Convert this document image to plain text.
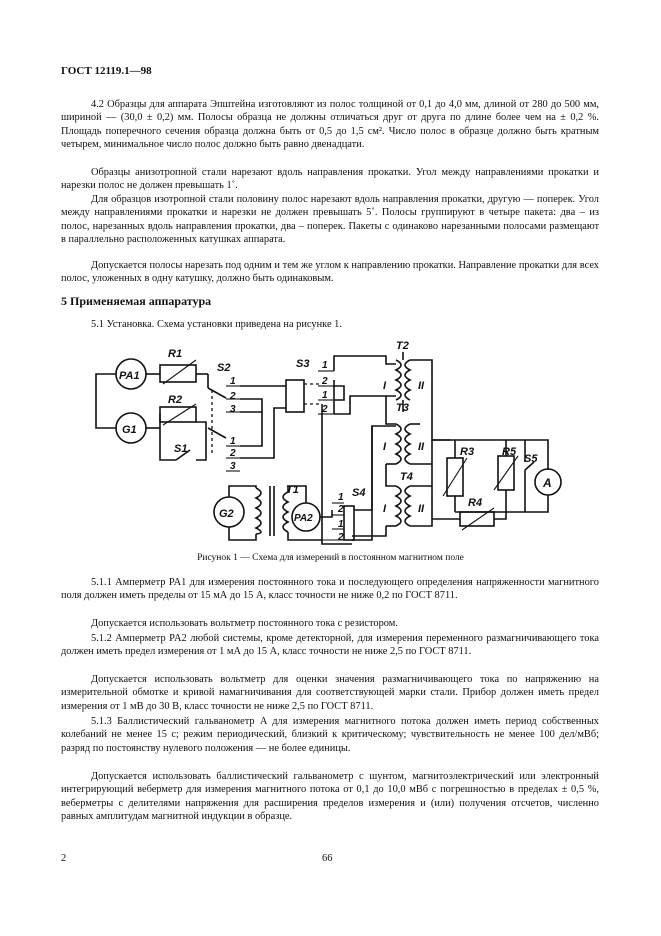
ГОСТ 12119.1—98

4.2 Образцы для аппарата Эпштейна изготовляют из полос толщиной от 0,1 до 4,0 мм, длиной от 280 до 500 мм, шириной — (30,0 ± 0,2) мм. Полосы образца не должны отличаться друг от друга по длине более чем на ± 0,2 %. Площадь поперечного сечения образца должна быть от 0,5 до 1,5 см². Число полос в образце должно быть кратным четырем, минимальное число полос должно быть равно двенадцати.

Образцы анизотропной стали нарезают вдоль направления прокатки. Угол между направлениями прокатки и нарезки полос не должен превышать 1˚.

Для образцов изотропной стали половину полос нарезают вдоль направления прокатки, другую — поперек. Угол между направлениями прокатки и нарезки не должен превышать 5˚. Полосы группируют в четыре пакета: два – из полос, нарезанных вдоль направления прокатки, два – поперек. Пакеты с одинаково нарезанными полосами размещают в параллельно расположенных катушках аппарата.

Допускается полосы нарезать под одним и тем же углом к направлению прокатки. Направление прокатки для всех полос, уложенных в одну катушку, должно быть одинаковым.

5 Применяемая аппаратура

5.1 Установка. Схема установки приведена на рисунке 1.

PA1
G1
R1
R2
S1
S2
1
2
3
1
2
3
S3 1
2
1
2
T2
I	II
T3
I	II
T4
I	II
R3	R5
S5
A
R4
G2
T1
PA2
S4
1
2
1
2
Рисунок 1 — Схема для измерений в постоянном магнитном поле

5.1.1 Амперметр PA1 для измерения постоянного тока и последующего определения напряженности магнитного поля должен иметь пределы от 15 мА до 15 А, класс точности не ниже 0,2 по ГОСТ 8711.

Допускается использовать вольтметр постоянного тока с резистором.

5.1.2 Амперметр PA2 любой системы, кроме детекторной, для измерения переменного размагничивающего тока должен иметь предел измерения от 1 мА до 15 А, класс точности не ниже 2,5 по ГОСТ 8711.

Допускается использовать вольтметр для оценки значения размагничивающего тока по напряжению на измерительной обмотке и кривой намагничивания для соответствующей марки стали. Прибор должен иметь предел измерения от 1 мВ до 30 В, класс точности не ниже 2,5 по ГОСТ 8711.

5.1.3 Баллистический гальванометр A для измерения магнитного потока должен иметь период собственных колебаний не менее 15 с; режим периодический, близкий к критическому; чувствительность не менее 100 дел/мВб; разряд по постоянству нулевого положения — не более единицы.

Допускается использовать баллистический гальванометр с шунтом, магнитоэлектрический или электронный интегрирующий веберметр для измерения магнитного потока от 0,1 до 10,0 мВб с погрешностью в пределах ± 0,5 %, веберметры с делителями напряжения для расширения пределов измерения и (или) получения отсчетов, численно равных амплитудам магнитной индукции в образце.

2	66
